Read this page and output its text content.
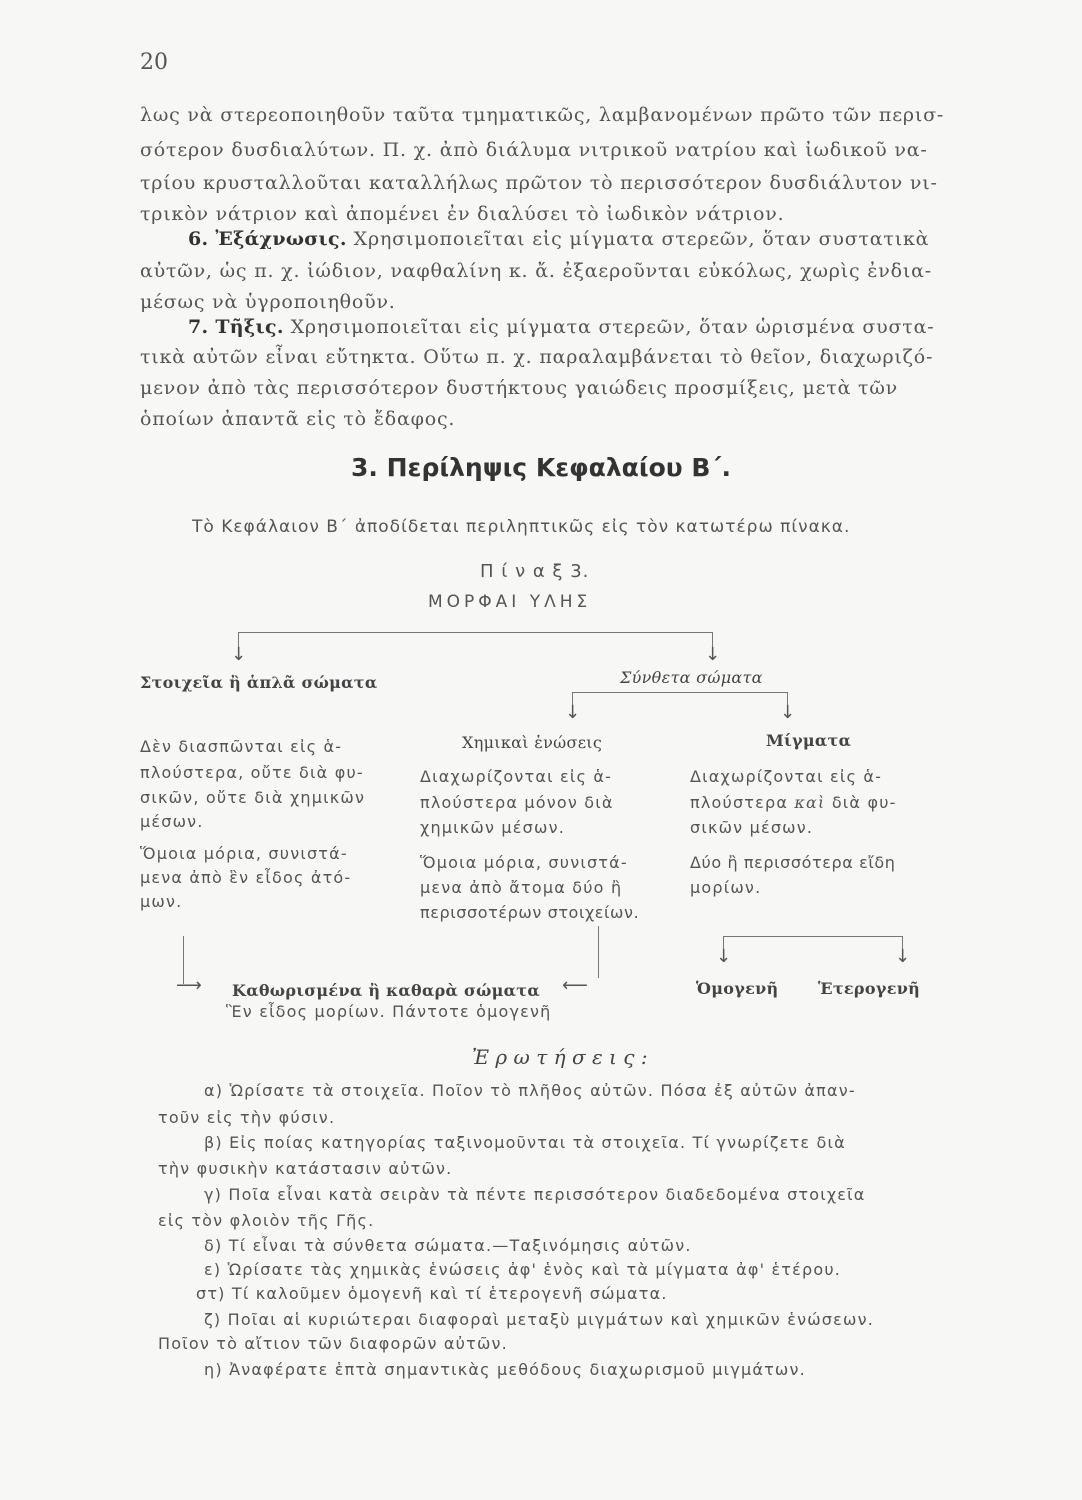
20
λως νὰ στερεοποιηθοῦν ταῦτα τμηματικῶς, λαμβανομένων πρῶτο τῶν περισ-
σότερον δυσδιαλύτων. Π. χ. ἀπὸ διάλυμα νιτρικοῦ νατρίου καὶ ἰωδικοῦ να-
τρίου κρυσταλλοῦται καταλλήλως πρῶτον τὸ περισσότερον δυσδιάλυτον νι-
τρικὸν νάτριον καὶ ἀπομένει ἐν διαλύσει τὸ ἰωδικὸν νάτριον.
6. Ἐξάχνωσις. Χρησιμοποιεῖται εἰς μίγματα στερεῶν, ὅταν συστατικὰ
αὐτῶν, ὡς π. χ. ἰώδιον, ναφθαλίνη κ. ἄ. ἐξαεροῦνται εὐκόλως, χωρὶς ἐνδια-
μέσως νὰ ὑγροποιηθοῦν.
7. Τῆξις. Χρησιμοποιεῖται εἰς μίγματα στερεῶν, ὅταν ὡρισμένα συστα-
τικὰ αὐτῶν εἶναι εὔτηκτα. Οὕτω π. χ. παραλαμβάνεται τὸ θεῖον, διαχωριζό-
μενον ἀπὸ τὰς περισσότερον δυστήκτους γαιώδεις προσμίξεις, μετὰ τῶν
ὁποίων ἀπαντᾶ εἰς τὸ ἔδαφος.
3. Περίληψις Κεφαλαίου Β΄.
Τὸ Κεφάλαιον Β΄ ἀποδίδεται περιληπτικῶς εἰς τὸν κατωτέρω πίνακα.
Π ί ν α ξ 3.
ΜΟΡΦΑΙ ΥΛΗΣ
↓	↓
Στοιχεῖα ἢ ἁπλᾶ σώματα	Σύνθετα σώματα
↓	↓
Χημικαὶ ἑνώσεις	Μίγματα
Δὲν διασπῶνται εἰς ἁ-
πλούστερα, οὔτε διὰ φυ-
σικῶν, οὔτε διὰ χημικῶν
μέσων.
Ὅμοια μόρια, συνιστά-
μενα ἀπὸ ἓν εἶδος ἀτό-
μων.
Διαχωρίζονται εἰς ἁ-
πλούστερα μόνον διὰ
χημικῶν μέσων.
Ὅμοια μόρια, συνιστά-
μενα ἀπὸ ἄτομα δύο ἢ
περισσοτέρων στοιχείων.
Διαχωρίζονται εἰς ἁ-
πλούστερα καὶ διὰ φυ-
σικῶν μέσων.
Δύο ἢ περισσότερα εἴδη
μορίων.
↓	↓
⟶ Καθωρισμένα ἢ καθαρὰ σώματα ⟵	Ὁμογενῆ Ἑτερογενῆ
Ἓν εἶδος μορίων. Πάντοτε ὁμογενῆ
Ἐ ρ ω τ ή σ ε ι ς :
α) Ὡρίσατε τὰ στοιχεῖα. Ποῖον τὸ πλῆθος αὐτῶν. Πόσα ἐξ αὐτῶν ἀπαν-
τοῦν εἰς τὴν φύσιν.
β) Εἰς ποίας κατηγορίας ταξινομοῦνται τὰ στοιχεῖα. Τί γνωρίζετε διὰ
τὴν φυσικὴν κατάστασιν αὐτῶν.
γ) Ποῖα εἶναι κατὰ σειρὰν τὰ πέντε περισσότερον διαδεδομένα στοιχεῖα
εἰς τὸν φλοιὸν τῆς Γῆς.
δ) Τί εἶναι τὰ σύνθετα σώματα.—Ταξινόμησις αὐτῶν.
ε) Ὡρίσατε τὰς χημικὰς ἑνώσεις ἀφ' ἑνὸς καὶ τὰ μίγματα ἀφ' ἑτέρου.
στ) Τί καλοῦμεν ὁμογενῆ καὶ τί ἑτερογενῆ σώματα.
ζ) Ποῖαι αἱ κυριώτεραι διαφοραὶ μεταξὺ μιγμάτων καὶ χημικῶν ἑνώσεων.
Ποῖον τὸ αἴτιον τῶν διαφορῶν αὐτῶν.
η) Ἀναφέρατε ἑπτὰ σημαντικὰς μεθόδους διαχωρισμοῦ μιγμάτων.
